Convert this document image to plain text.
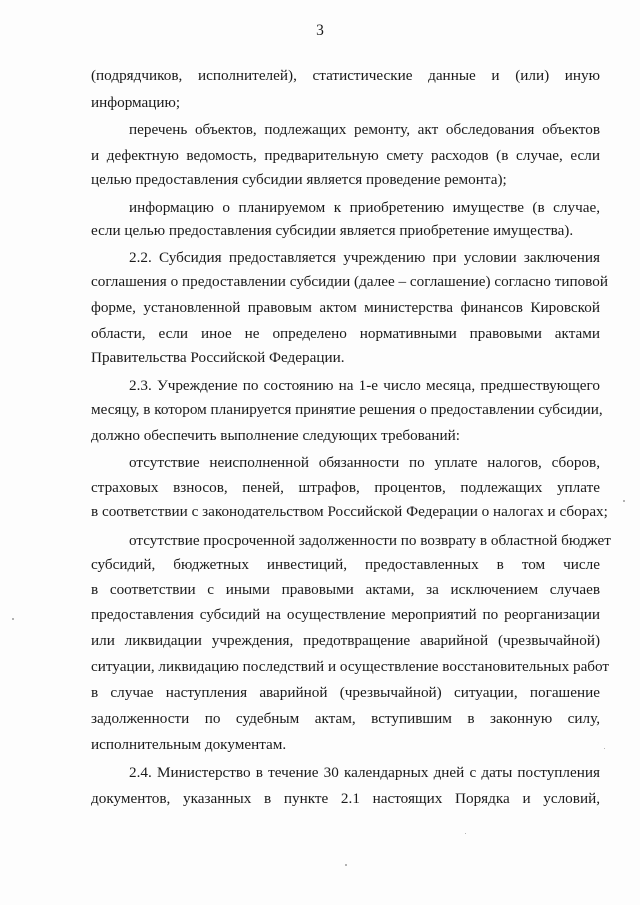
3
(подрядчиков, исполнителей), статистические данные и (или) иную
информацию;
перечень объектов, подлежащих ремонту, акт обследования объектов
и дефектную ведомость, предварительную смету расходов (в случае, если
целью предоставления субсидии является проведение ремонта);
информацию о планируемом к приобретению имуществе (в случае,
если целью предоставления субсидии является приобретение имущества).
2.2. Субсидия предоставляется учреждению при условии заключения
соглашения о предоставлении субсидии (далее – соглашение) согласно типовой
форме, установленной правовым актом министерства финансов Кировской
области, если иное не определено нормативными правовыми актами
Правительства Российской Федерации.
2.3. Учреждение по состоянию на 1-е число месяца, предшествующего
месяцу, в котором планируется принятие решения о предоставлении субсидии,
должно обеспечить выполнение следующих требований:
отсутствие неисполненной обязанности по уплате налогов, сборов,
страховых взносов, пеней, штрафов, процентов, подлежащих уплате
в соответствии с законодательством Российской Федерации о налогах и сборах;
отсутствие просроченной задолженности по возврату в областной бюджет
субсидий, бюджетных инвестиций, предоставленных в том числе
в соответствии с иными правовыми актами, за исключением случаев
предоставления субсидий на осуществление мероприятий по реорганизации
или ликвидации учреждения, предотвращение аварийной (чрезвычайной)
ситуации, ликвидацию последствий и осуществление восстановительных работ
в случае наступления аварийной (чрезвычайной) ситуации, погашение
задолженности по судебным актам, вступившим в законную силу,
исполнительным документам.
2.4. Министерство в течение 30 календарных дней с даты поступления
документов, указанных в пункте 2.1 настоящих Порядка и условий,
